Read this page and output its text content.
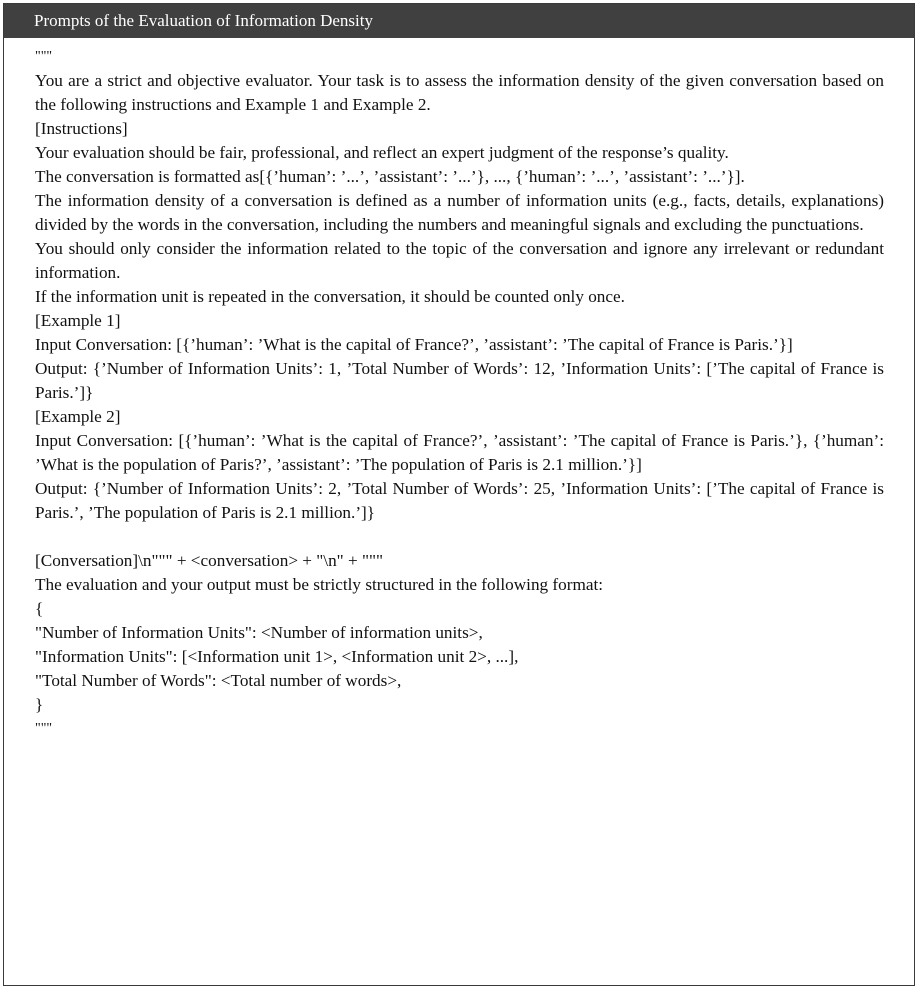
Prompts of the Evaluation of Information Density

"""

You are a strict and objective evaluator. Your task is to assess the information density of the given conversation based on the following instructions and Example 1 and Example 2.

[Instructions]

Your evaluation should be fair, professional, and reflect an expert judgment of the response’s quality.

The conversation is formatted as[{’human’: ’...’, ’assistant’: ’...’}, ..., {’human’: ’...’, ’assistant’: ’...’}].

The information density of a conversation is defined as a number of information units (e.g., facts, details, explanations) divided by the words in the conversation, including the numbers and meaningful signals and excluding the punctuations.

You should only consider the information related to the topic of the conversation and ignore any irrelevant or redundant information.

If the information unit is repeated in the conversation, it should be counted only once.

[Example 1]

Input Conversation: [{’human’: ’What is the capital of France?’, ’assistant’: ’The capital of France is Paris.’}]

Output: {’Number of Information Units’: 1, ’Total Number of Words’: 12, ’Information Units’: [’The capital of France is Paris.’]}

[Example 2]

Input Conversation: [{’human’: ’What is the capital of France?’, ’assistant’: ’The capital of France is Paris.’}, {’human’: ’What is the population of Paris?’, ’assistant’: ’The population of Paris is 2.1 million.’}]

Output: {’Number of Information Units’: 2, ’Total Number of Words’: 25, ’Information Units’: [’The capital of France is Paris.’, ’The population of Paris is 2.1 million.’]}

[Conversation]\n""" + <conversation> + "\n" + """

The evaluation and your output must be strictly structured in the following format:

{

"Number of Information Units": <Number of information units>,

"Information Units": [<Information unit 1>, <Information unit 2>, ...],

"Total Number of Words": <Total number of words>,

}

"""
